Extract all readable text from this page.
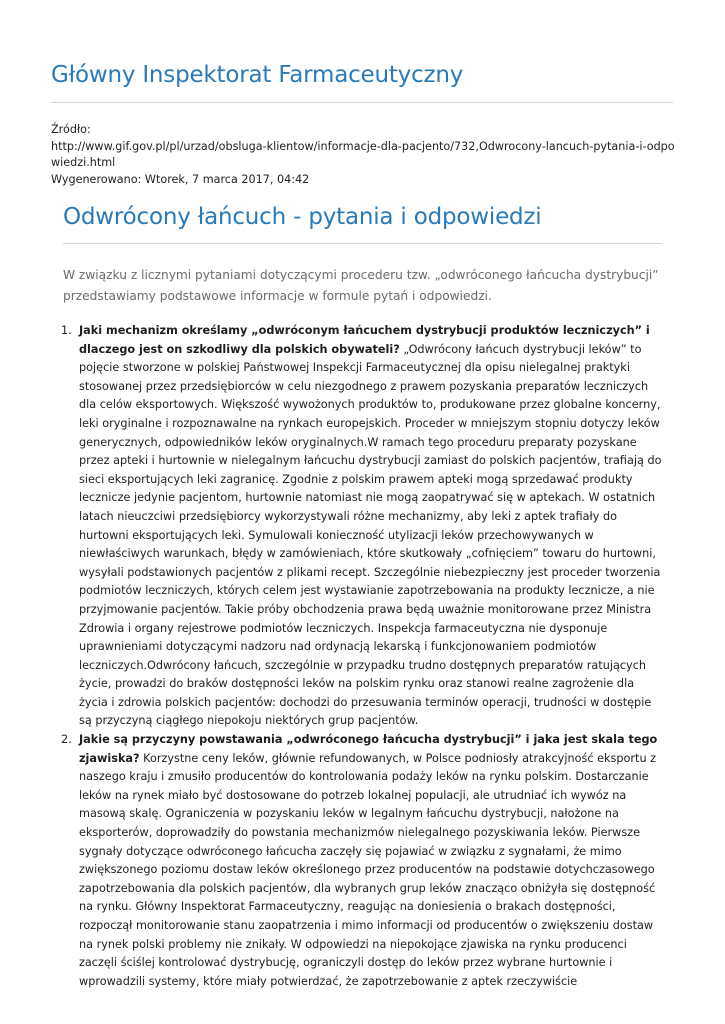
Główny Inspektorat Farmaceutyczny
Źródło:
http://www.gif.gov.pl/pl/urzad/obsluga-klientow/informacje-dla-pacjento/732,Odwrocony-lancuch-pytania-i-odpowiedzi.html
Wygenerowano: Wtorek, 7 marca 2017, 04:42
Odwrócony łańcuch - pytania i odpowiedzi

W związku z licznymi pytaniami dotyczącymi procederu tzw. „odwróconego łańcucha dystrybucji” przedstawiamy podstawowe informacje w formule pytań i odpowiedzi.

1. Jaki mechanizm określamy „odwróconym łańcuchem dystrybucji produktów leczniczych” i dlaczego jest on szkodliwy dla polskich obywateli? „Odwrócony łańcuch dystrybucji leków” to pojęcie stworzone w polskiej Państwowej Inspekcji Farmaceutycznej dla opisu nielegalnej praktyki stosowanej przez przedsiębiorców w celu niezgodnego z prawem pozyskania preparatów leczniczych dla celów eksportowych. Większość wywożonych produktów to, produkowane przez globalne koncerny, leki oryginalne i rozpoznawalne na rynkach europejskich. Proceder w mniejszym stopniu dotyczy leków generycznych, odpowiedników leków oryginalnych.W ramach tego proceduru preparaty pozyskane przez apteki i hurtownie w nielegalnym łańcuchu dystrybucji zamiast do polskich pacjentów, trafiają do sieci eksportujących leki zagranicę. Zgodnie z polskim prawem apteki mogą sprzedawać produkty lecznicze jedynie pacjentom, hurtownie natomiast nie mogą zaopatrywać się w aptekach. W ostatnich latach nieuczciwi przedsiębiorcy wykorzystywali różne mechanizmy, aby leki z aptek trafiały do hurtowni eksportujących leki. Symulowali konieczność utylizacji leków przechowywanych w niewłaściwych warunkach, błędy w zamówieniach, które skutkowały „cofnięciem” towaru do hurtowni, wysyłali podstawionych pacjentów z plikami recept. Szczególnie niebezpieczny jest proceder tworzenia podmiotów leczniczych, których celem jest wystawianie zapotrzebowania na produkty lecznicze, a nie przyjmowanie pacjentów. Takie próby obchodzenia prawa będą uważnie monitorowane przez Ministra Zdrowia i organy rejestrowe podmiotów leczniczych. Inspekcja farmaceutyczna nie dysponuje uprawnieniami dotyczącymi nadzoru nad ordynacją lekarską i funkcjonowaniem podmiotów leczniczych.Odwrócony łańcuch, szczególnie w przypadku trudno dostępnych preparatów ratujących życie, prowadzi do braków dostępności leków na polskim rynku oraz stanowi realne zagrożenie dla życia i zdrowia polskich pacjentów: dochodzi do przesuwania terminów operacji, trudności w dostępie są przyczyną ciągłego niepokoju niektórych grup pacjentów.
2. Jakie są przyczyny powstawania „odwróconego łańcucha dystrybucji” i jaka jest skala tego zjawiska? Korzystne ceny leków, głównie refundowanych, w Polsce podniosły atrakcyjność eksportu z naszego kraju i zmusiło producentów do kontrolowania podaży leków na rynku polskim. Dostarczanie leków na rynek miało być dostosowane do potrzeb lokalnej populacji, ale utrudniać ich wywóz na masową skalę. Ograniczenia w pozyskaniu leków w legalnym łańcuchu dystrybucji, nałożone na eksporterów, doprowadziły do powstania mechanizmów nielegalnego pozyskiwania leków. Pierwsze sygnały dotyczące odwróconego łańcucha zaczęły się pojawiać w związku z sygnałami, że mimo zwiększonego poziomu dostaw leków określonego przez producentów na podstawie dotychczasowego zapotrzebowania dla polskich pacjentów, dla wybranych grup leków znacząco obniżyła się dostępność na rynku. Główny Inspektorat Farmaceutyczny, reagując na doniesienia o brakach dostępności, rozpoczął monitorowanie stanu zaopatrzenia i mimo informacji od producentów o zwiększeniu dostaw na rynek polski problemy nie znikały. W odpowiedzi na niepokojące zjawiska na rynku producenci zaczęli ściślej kontrolować dystrybucję, ograniczyli dostęp do leków przez wybrane hurtownie i wprowadzili systemy, które miały potwierdzać, że zapotrzebowanie z aptek rzeczywiście
